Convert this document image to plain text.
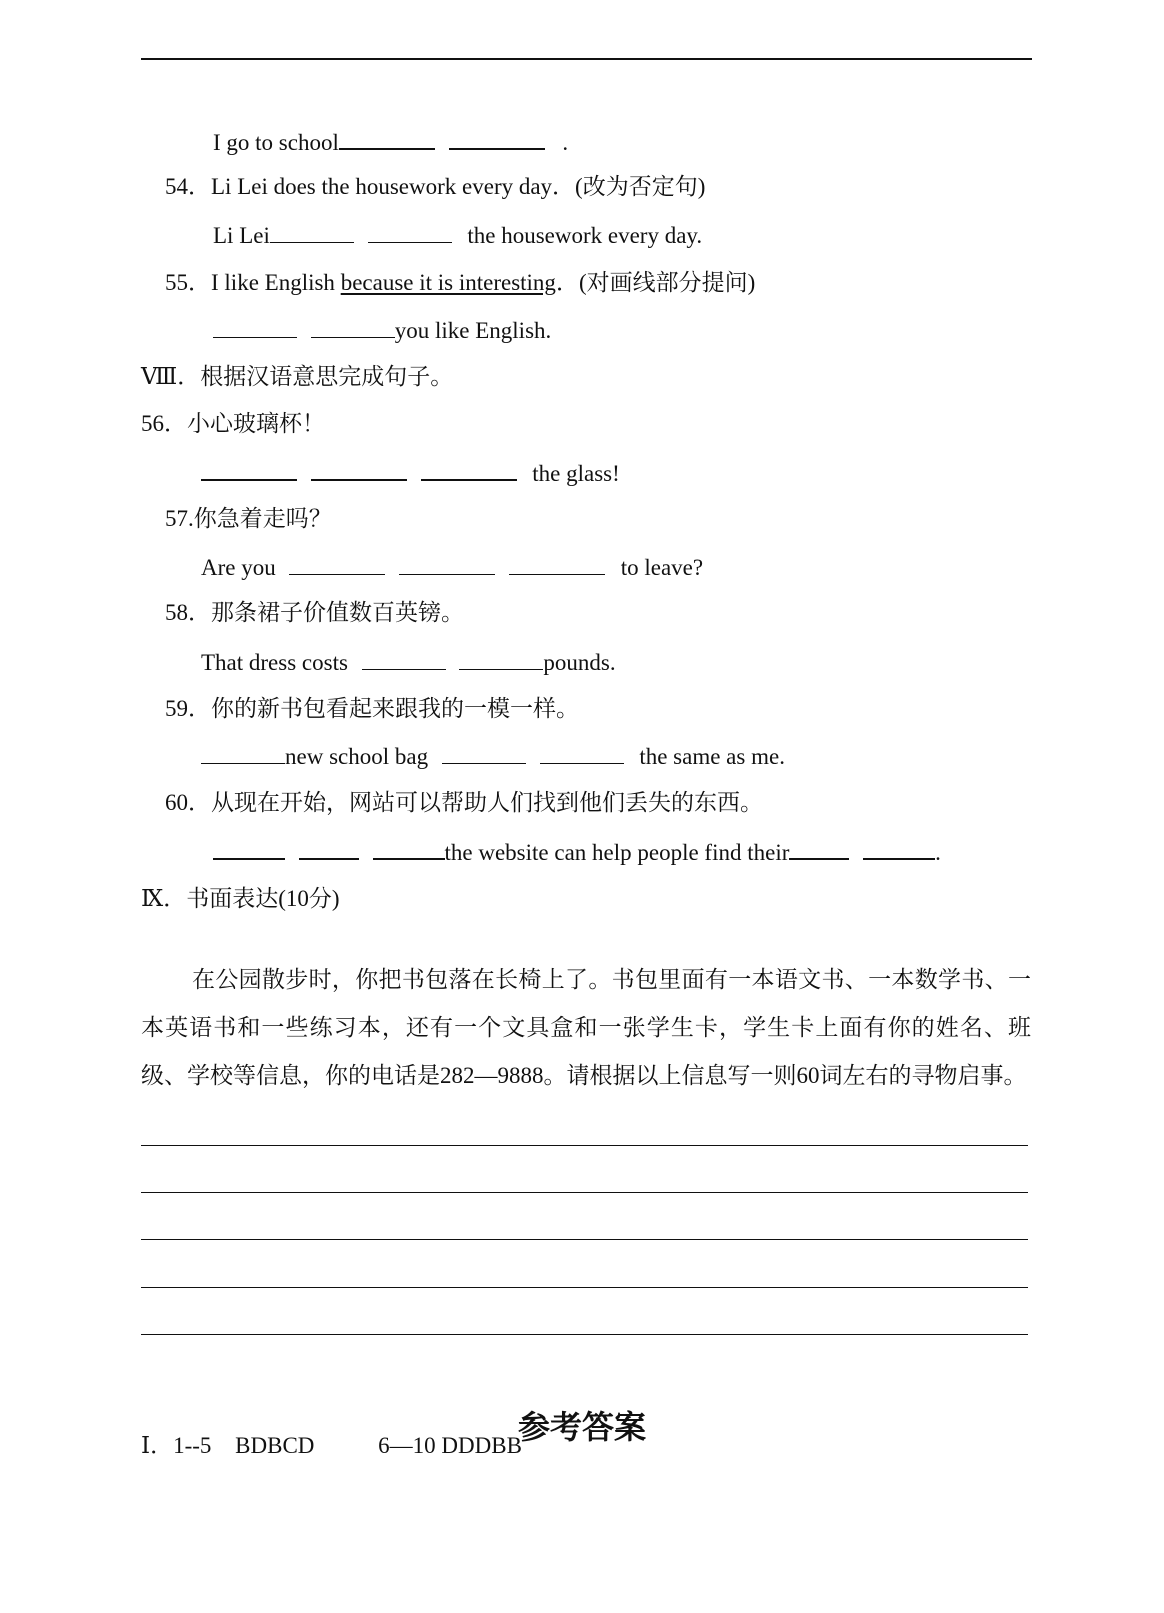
I go to school	.
54．Li Lei does the housework every day．(改为否定句)
Li Lei	the housework every day.
55．I like English because it is interesting．(对画线部分提问)
you like English.
Ⅷ．根据汉语意思完成句子。
56．小心玻璃杯！
the glass!
57.你急着走吗？
Are you	to leave?
58．那条裙子价值数百英镑。
That dress costs	pounds.
59．你的新书包看起来跟我的一模一样。
new school bag	the same as me.
60．从现在开始，网站可以帮助人们找到他们丢失的东西。
the website can help people find their	.
Ⅸ．书面表达(10分)
在公园散步时，你把书包落在长椅上了。书包里面有一本语文书、一本数学书、一本英语书和一些练习本，还有一个文具盒和一张学生卡，学生卡上面有你的姓名、班级、学校等信息，你的电话是282—9888。请根据以上信息写一则60词左右的寻物启事。
参考答案
Ⅰ．1--5 BDBCD	6—10 DDDBB
